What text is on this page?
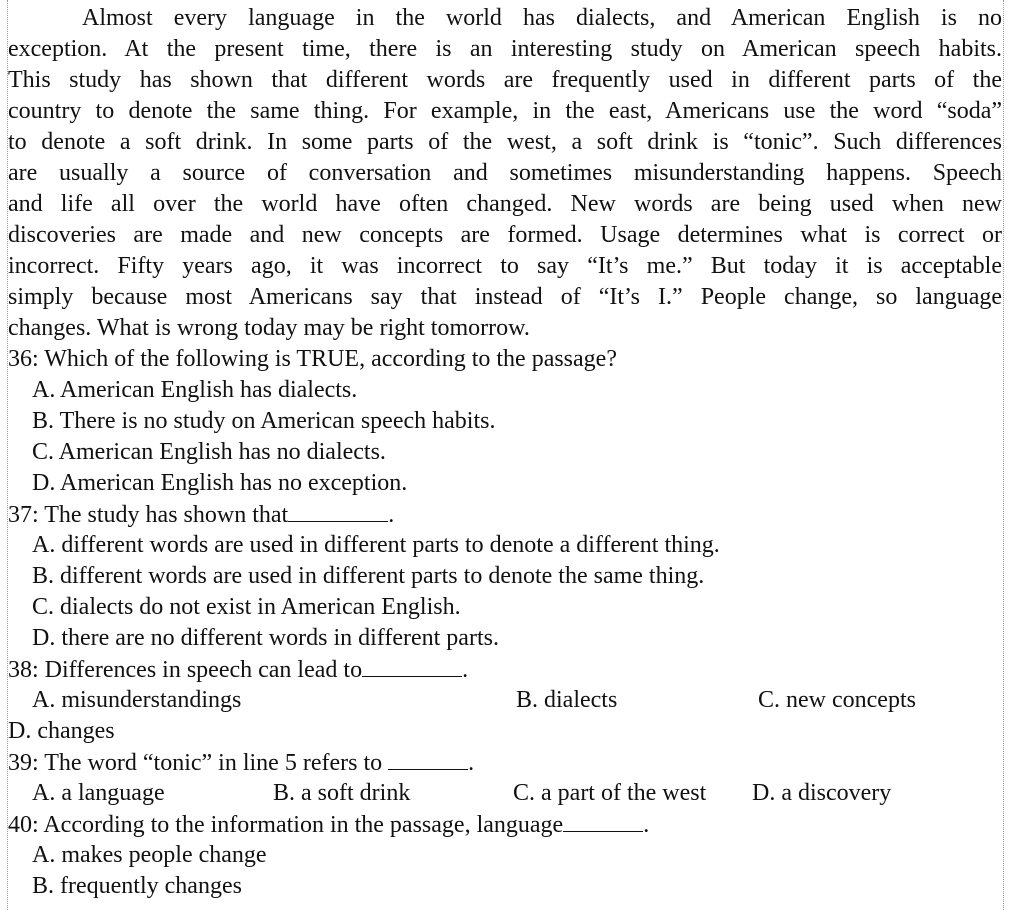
Almost every language in the world has dialects, and American English is no
exception. At the present time, there is an interesting study on American speech habits.
This study has shown that different words are frequently used in different parts of the
country to denote the same thing. For example, in the east, Americans use the word “soda”
to denote a soft drink. In some parts of the west, a soft drink is “tonic”. Such differences
are usually a source of conversation and sometimes misunderstanding happens. Speech
and life all over the world have often changed. New words are being used when new
discoveries are made and new concepts are formed. Usage determines what is correct or
incorrect. Fifty years ago, it was incorrect to say “It’s me.” But today it is acceptable
simply because most Americans say that instead of “It’s I.” People change, so language
changes. What is wrong today may be right tomorrow.
36: Which of the following is TRUE, according to the passage?
A. American English has dialects.
B. There is no study on American speech habits.
C. American English has no dialects.
D. American English has no exception.
37: The study has shown that	.
A. different words are used in different parts to denote a different thing.
B. different words are used in different parts to denote the same thing.
C. dialects do not exist in American English.
D. there are no different words in different parts.
38: Differences in speech can lead to	.
A. misunderstandings	B. dialects	C. new concepts
D. changes
39: The word “tonic” in line 5 refers to	.
A. a language	B. a soft drink	C. a part of the west D. a discovery
40: According to the information in the passage, language	.
A. makes people change
B. frequently changes
